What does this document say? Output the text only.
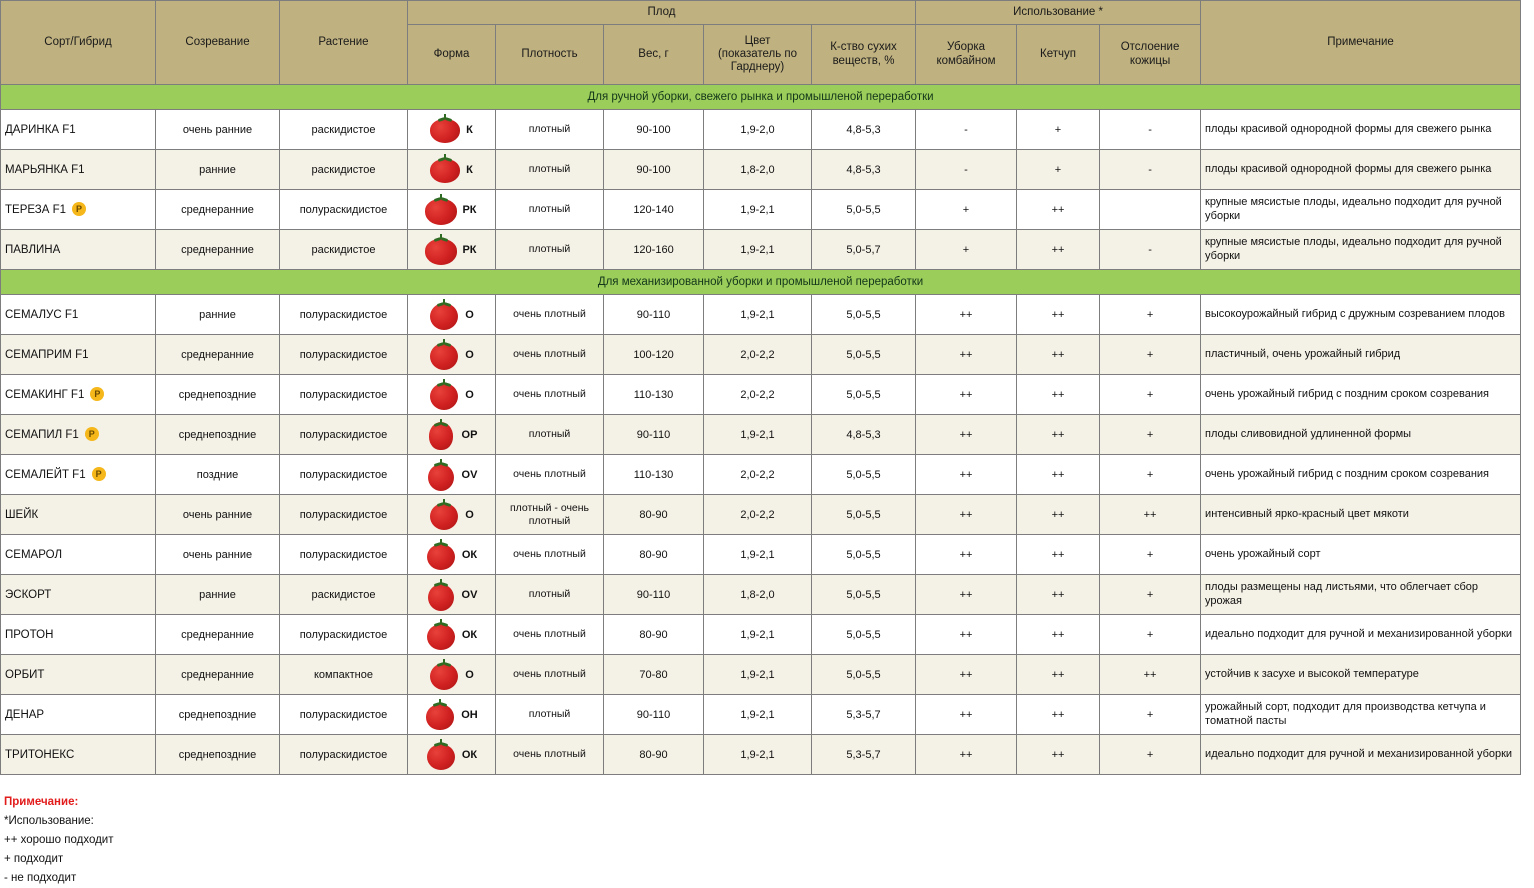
Сорт/Гибрид	Созревание	Растение	Плод					Использование *			Примечание
			Форма	Плотность	Вес, г	Цвет
(показатель по
Гарднеру)	К-ство сухих
веществ, %	Уборка
комбайном	Кетчуп	Отслоение
кожицы	
Для ручной уборки, свежего рынка и промышленой переработки											
ДАРИНКА F1	очень ранние	раскидистое	К	плотный	90-100	1,9-2,0	4,8-5,3	-	+	-	плоды красивой однородной формы для свежего рынка
МАРЬЯНКА F1	ранние	раскидистое	К	плотный	90-100	1,8-2,0	4,8-5,3	-	+	-	плоды красивой однородной формы для свежего рынка
ТЕРЕЗА F1 Р	среднеранние	полураскидистое	РК	плотный	120-140	1,9-2,1	5,0-5,5	+	++		крупные мясистые плоды, идеально подходит для ручной уборки
ПАВЛИНА	среднеранние	раскидистое	РК	плотный	120-160	1,9-2,1	5,0-5,7	+	++	-	крупные мясистые плоды, идеально подходит для ручной уборки
Для механизированной уборки и промышленой переработки											
СЕМАЛУС F1	ранние	полураскидистое	О	очень плотный	90-110	1,9-2,1	5,0-5,5	++	++	+	высокоурожайный гибрид с дружным созреванием плодов
СЕМАПРИМ F1	среднеранние	полураскидистое	О	очень плотный	100-120	2,0-2,2	5,0-5,5	++	++	+	пластичный, очень урожайный гибрид
СЕМАКИНГ F1 Р	среднепоздние	полураскидистое	О	очень плотный	110-130	2,0-2,2	5,0-5,5	++	++	+	очень урожайный гибрид с поздним сроком созревания
СЕМАПИЛ F1 Р	среднепоздние	полураскидистое	ОР	плотный	90-110	1,9-2,1	4,8-5,3	++	++	+	плоды сливовидной удлиненной формы
СЕМАЛЕЙТ F1 Р	поздние	полураскидистое	ОV	очень плотный	110-130	2,0-2,2	5,0-5,5	++	++	+	очень урожайный гибрид с поздним сроком созревания
ШЕЙК	очень ранние	полураскидистое	О	плотный - очень плотный	80-90	2,0-2,2	5,0-5,5	++	++	++	интенсивный ярко-красный цвет мякоти
СЕМАРОЛ	очень ранние	полураскидистое	ОК	очень плотный	80-90	1,9-2,1	5,0-5,5	++	++	+	очень урожайный сорт
ЭСКОРТ	ранние	раскидистое	ОV	плотный	90-110	1,8-2,0	5,0-5,5	++	++	+	плоды размещены над листьями, что облегчает сбор урожая
ПРОТОН	среднеранние	полураскидистое	ОК	очень плотный	80-90	1,9-2,1	5,0-5,5	++	++	+	идеально подходит для ручной и механизированной уборки
ОРБИТ	среднеранние	компактное	О	очень плотный	70-80	1,9-2,1	5,0-5,5	++	++	++	устойчив к засухе и высокой температуре
ДЕНАР	среднепоздние	полураскидистое	ОН	плотный	90-110	1,9-2,1	5,3-5,7	++	++	+	урожайный сорт, подходит для производства кетчупа и томатной пасты
ТРИТОНЕКС	среднепоздние	полураскидистое	ОК	очень плотный	80-90	1,9-2,1	5,3-5,7	++	++	+	идеально подходит для ручной и механизированной уборки
Примечание:
*Использование:
++ хорошо подходит
+ подходит
- не подходит
